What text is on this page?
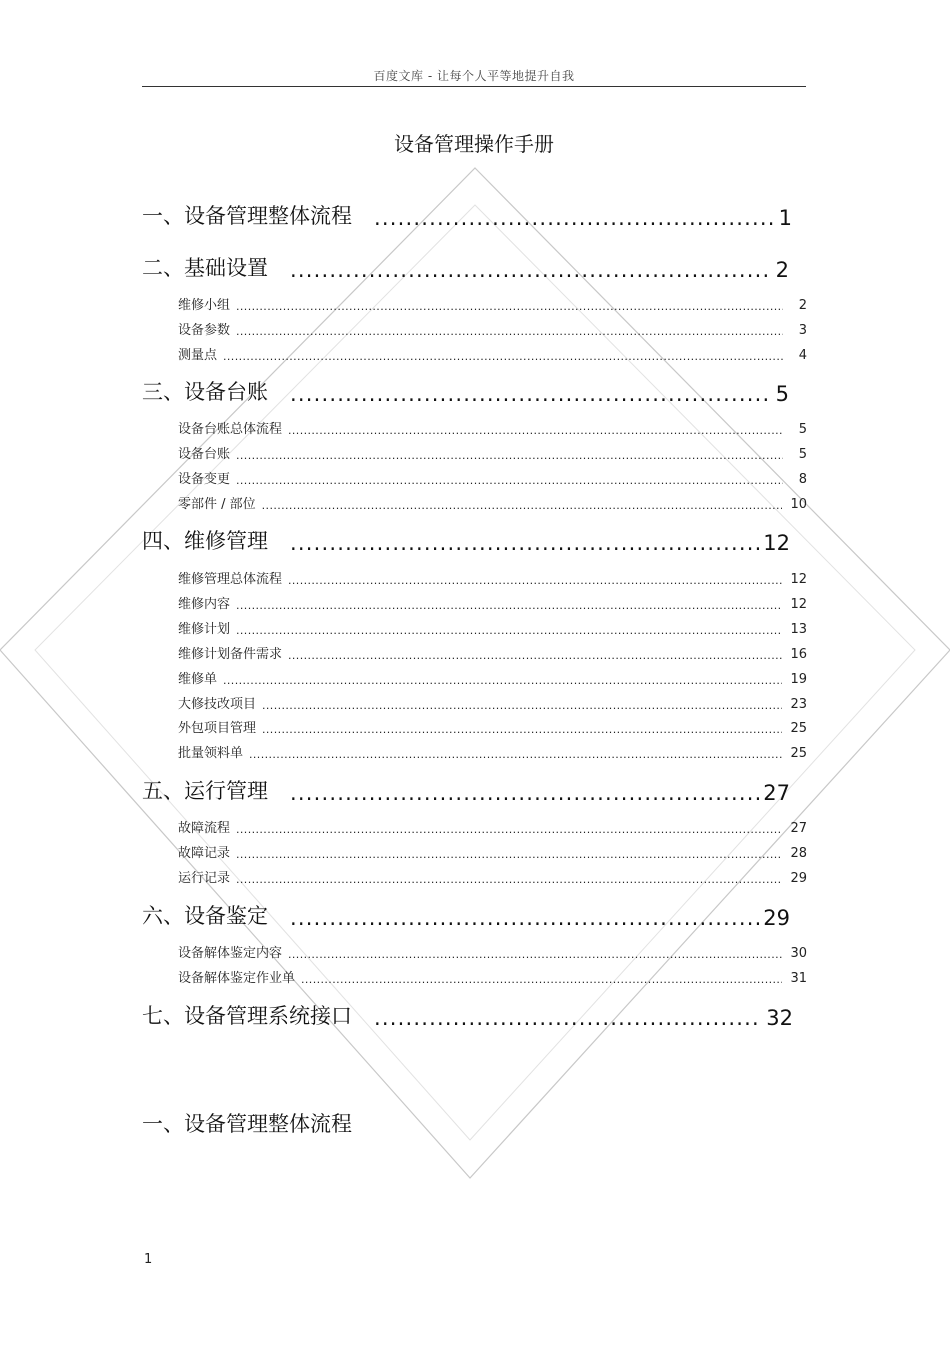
百度文库 - 让每个人平等地提升自我
设备管理操作手册
一、设备管理整体流程 .....	1
二、基础设置 .....	2
维修小组 .....	2
设备参数 .....	3
测量点 .....	4
三、设备台账 .....	5
设备台账总体流程 .....	5
设备台账 .....	5
设备变更 .....	8
零部件 / 部位 .....	10
四、维修管理 .....	12
维修管理总体流程 .....	12
维修内容 .....	12
维修计划 .....	13
维修计划备件需求 .....	16
维修单 .....	19
大修技改项目 .....	23
外包项目管理 .....	25
批量领料单 .....	25
五、运行管理 .....	27
故障流程 .....	27
故障记录 .....	28
运行记录 .....	29
六、设备鉴定 .....	29
设备解体鉴定内容 .....	30
设备解体鉴定作业单 .....	31
七、设备管理系统接口 .....	32
一、设备管理整体流程
1
